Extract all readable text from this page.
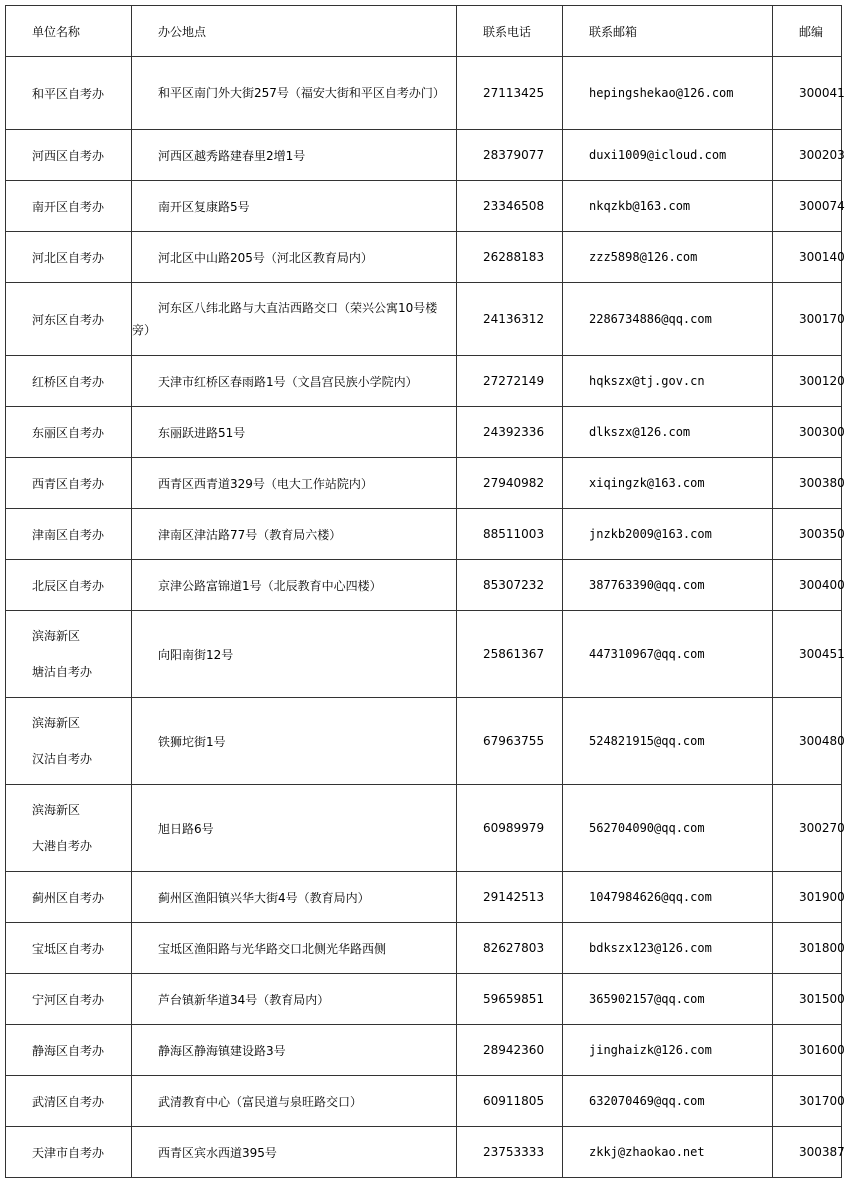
单位名称	办公地点	联系电话	联系邮箱	邮编
和平区自考办	和平区南门外大街257号（福安大街和平区自考办门）	27113425	hepingshekao@126.com	300041
河西区自考办	河西区越秀路建春里2增1号	28379077	duxi1009@icloud.com	300203
南开区自考办	南开区复康路5号	23346508	nkqzkb@163.com	300074
河北区自考办	河北区中山路205号（河北区教育局内）	26288183	zzz5898@126.com	300140
河东区自考办	河东区八纬北路与大直沽西路交口（荣兴公寓10号楼旁）	24136312	2286734886@qq.com	300170
红桥区自考办	天津市红桥区春雨路1号（文昌宫民族小学院内）	27272149	hqkszx@tj.gov.cn	300120
东丽区自考办	东丽跃进路51号	24392336	dlkszx@126.com	300300
西青区自考办	西青区西青道329号（电大工作站院内）	27940982	xiqingzk@163.com	300380
津南区自考办	津南区津沽路77号（教育局六楼）	88511003	jnzkb2009@163.com	300350
北辰区自考办	京津公路富锦道1号（北辰教育中心四楼）	85307232	387763390@qq.com	300400

滨海新区
塘沽自考办	向阳南街12号	25861367	447310967@qq.com	300451

滨海新区
汉沽自考办	铁狮坨街1号	67963755	524821915@qq.com	300480

滨海新区
大港自考办	旭日路6号	60989979	562704090@qq.com	300270
蓟州区自考办	蓟州区渔阳镇兴华大街4号（教育局内）	29142513	1047984626@qq.com	301900
宝坻区自考办	宝坻区渔阳路与光华路交口北侧光华路西侧	82627803	bdkszx123@126.com	301800
宁河区自考办	芦台镇新华道34号（教育局内）	59659851	365902157@qq.com	301500
静海区自考办	静海区静海镇建设路3号	28942360	jinghaizk@126.com	301600
武清区自考办	武清教育中心（富民道与泉旺路交口）	60911805	632070469@qq.com	301700
天津市自考办	西青区宾水西道395号	23753333	zkkj@zhaokao.net	300387
